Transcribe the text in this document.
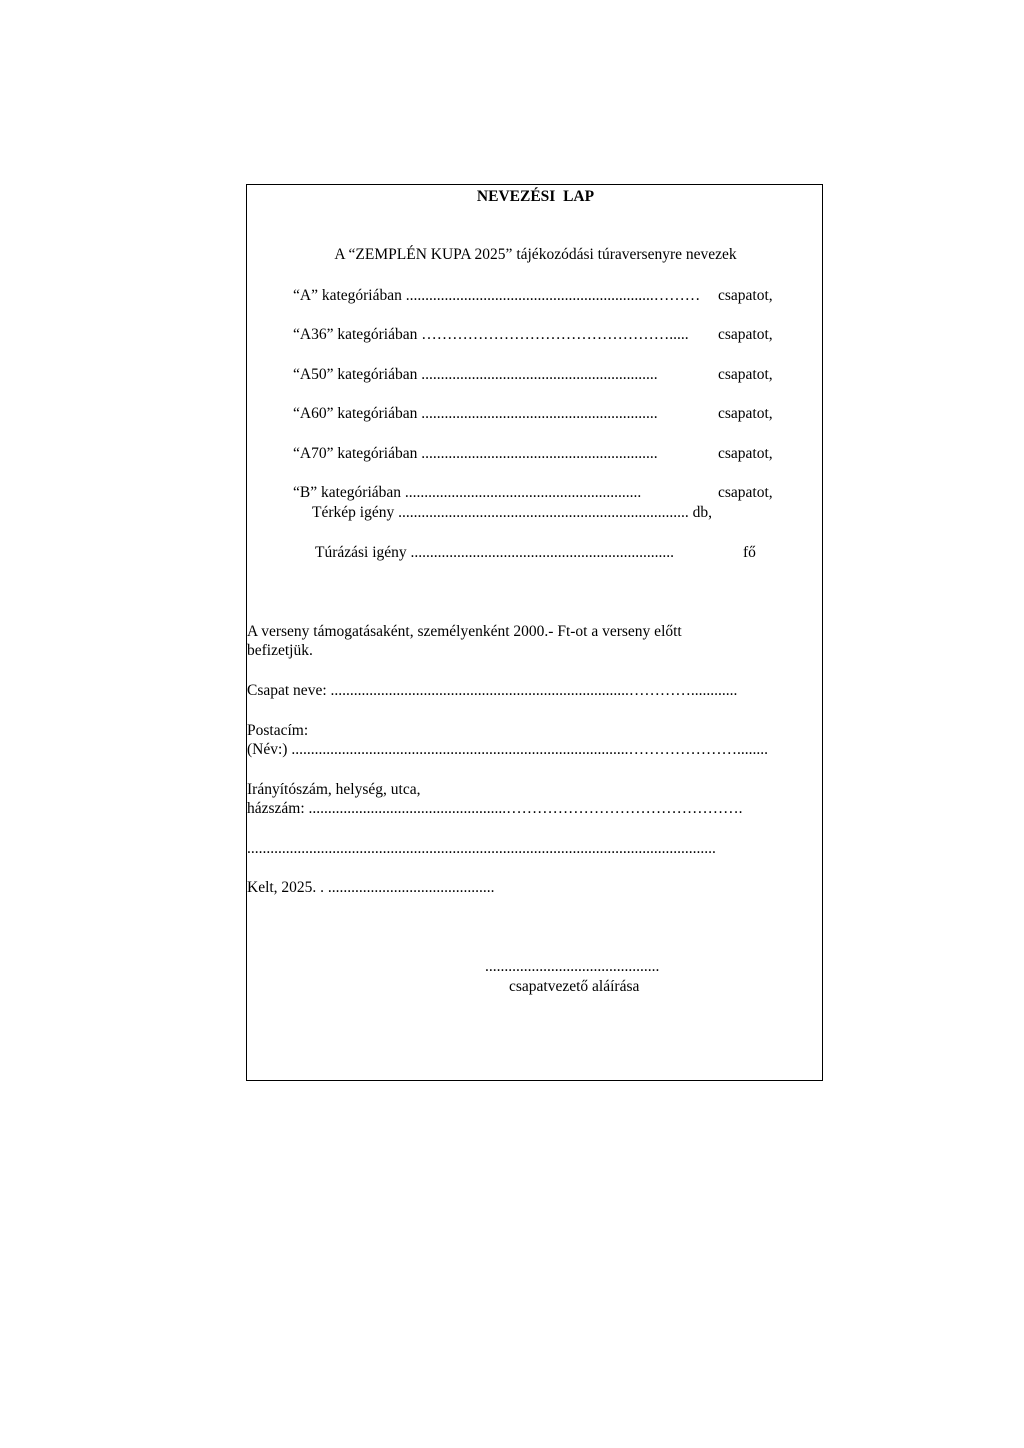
NEVEZÉSI  LAP
A “ZEMPLÉN KUPA 2025” tájékozódási túraversenyre nevezek
“A” kategóriában ................................................................……… csapatot,
“A36” kategóriában …………………………………………..... csapatot,
“A50” kategóriában .............................................................	csapatot,
“A60” kategóriában .............................................................	csapatot,
“A70” kategóriában .............................................................	csapatot,
“B” kategóriában .............................................................	csapatot,
Térkép igény ........................................................................... db,
Túrázási igény ....................................................................	fő
A verseny támogatásaként, személyenként 2000.- Ft-ot a verseny előtt
befizetjük.
Csapat neve: .............................................................................…………............
Postacím:
(Név:) .......................................................................................…………………........
Irányítószám, helység, utca,
házszám: ...................................................……………………………………….
.........................................................................................................................
Kelt, 2025. . ...........................................
.............................................
csapatvezető aláírása
